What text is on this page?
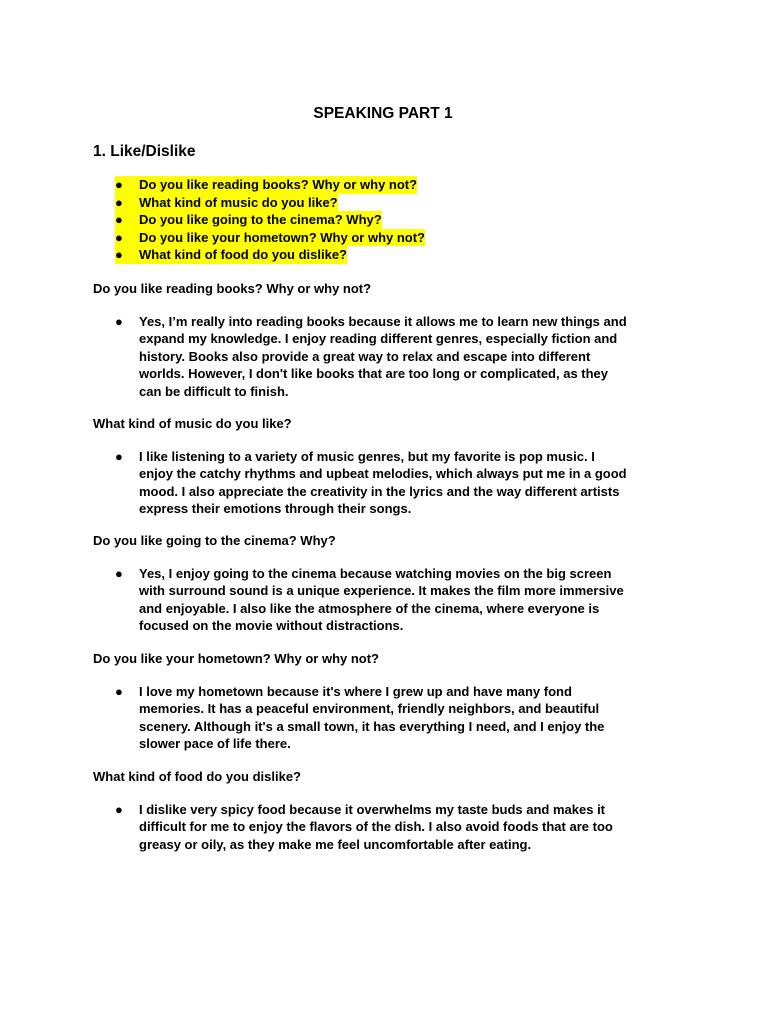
SPEAKING PART 1
1. Like/Dislike
● Do you like reading books? Why or why not?
● What kind of music do you like?
● Do you like going to the cinema? Why?
● Do you like your hometown? Why or why not?
● What kind of food do you dislike?

Do you like reading books? Why or why not?

● Yes, I’m really into reading books because it allows me to learn new things and
expand my knowledge. I enjoy reading different genres, especially fiction and
history. Books also provide a great way to relax and escape into different
worlds. However, I don't like books that are too long or complicated, as they
can be difficult to finish.

What kind of music do you like?

● I like listening to a variety of music genres, but my favorite is pop music. I
enjoy the catchy rhythms and upbeat melodies, which always put me in a good
mood. I also appreciate the creativity in the lyrics and the way different artists
express their emotions through their songs.

Do you like going to the cinema? Why?

● Yes, I enjoy going to the cinema because watching movies on the big screen
with surround sound is a unique experience. It makes the film more immersive
and enjoyable. I also like the atmosphere of the cinema, where everyone is
focused on the movie without distractions.

Do you like your hometown? Why or why not?

● I love my hometown because it's where I grew up and have many fond
memories. It has a peaceful environment, friendly neighbors, and beautiful
scenery. Although it's a small town, it has everything I need, and I enjoy the
slower pace of life there.

What kind of food do you dislike?

● I dislike very spicy food because it overwhelms my taste buds and makes it
difficult for me to enjoy the flavors of the dish. I also avoid foods that are too
greasy or oily, as they make me feel uncomfortable after eating.
